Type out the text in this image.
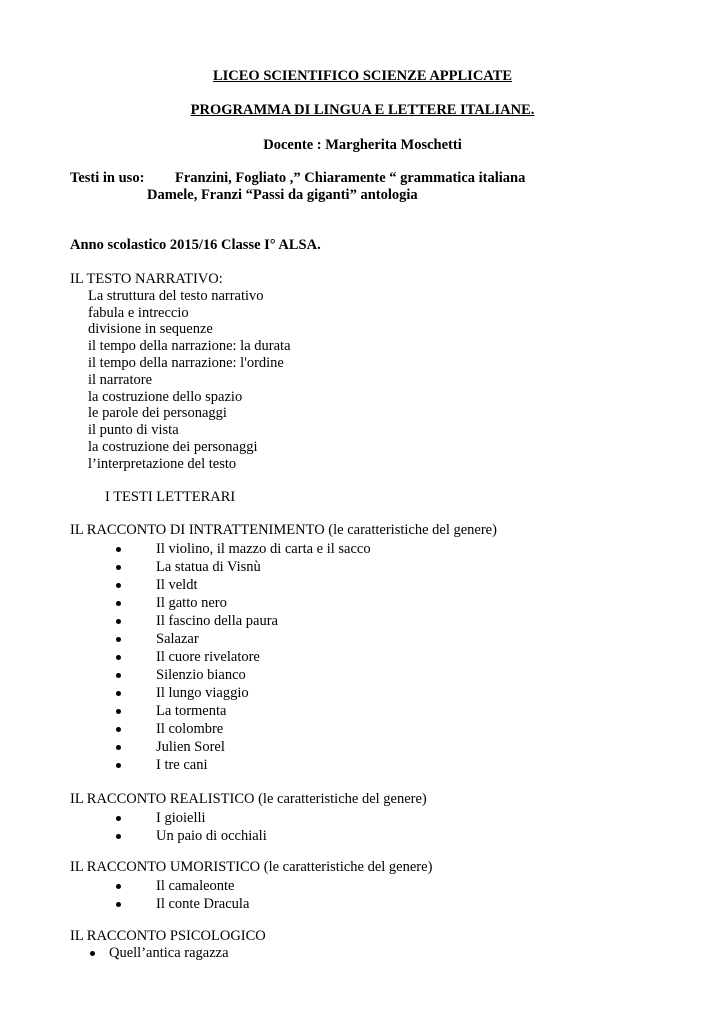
LICEO SCIENTIFICO SCIENZE APPLICATE
PROGRAMMA DI LINGUA E LETTERE ITALIANE.
Docente : Margherita Moschetti
Testi in uso: Franzini, Fogliato ,” Chiaramente “ grammatica italiana
Damele, Franzi “Passi da giganti” antologia
Anno scolastico 2015/16 Classe I° ALSA.
IL TESTO NARRATIVO:
La struttura del testo narrativo
fabula e intreccio
divisione in sequenze
il tempo della narrazione: la durata
il tempo della narrazione: l'ordine
il narratore
la costruzione dello spazio
le parole dei personaggi
il punto di vista
la costruzione dei personaggi
l’interpretazione del testo
I TESTI LETTERARI
IL RACCONTO DI INTRATTENIMENTO (le caratteristiche del genere)
Il violino, il mazzo di carta e il sacco
La statua di Visnù
Il veldt
Il gatto nero
Il fascino della paura
Salazar
Il cuore rivelatore
Silenzio bianco
Il lungo viaggio
La tormenta
Il colombre
Julien Sorel
I tre cani
IL RACCONTO REALISTICO (le caratteristiche del genere)
I gioielli
Un paio di occhiali
IL RACCONTO UMORISTICO (le caratteristiche del genere)
Il camaleonte
Il conte Dracula
IL RACCONTO PSICOLOGICO
Quell’antica ragazza
